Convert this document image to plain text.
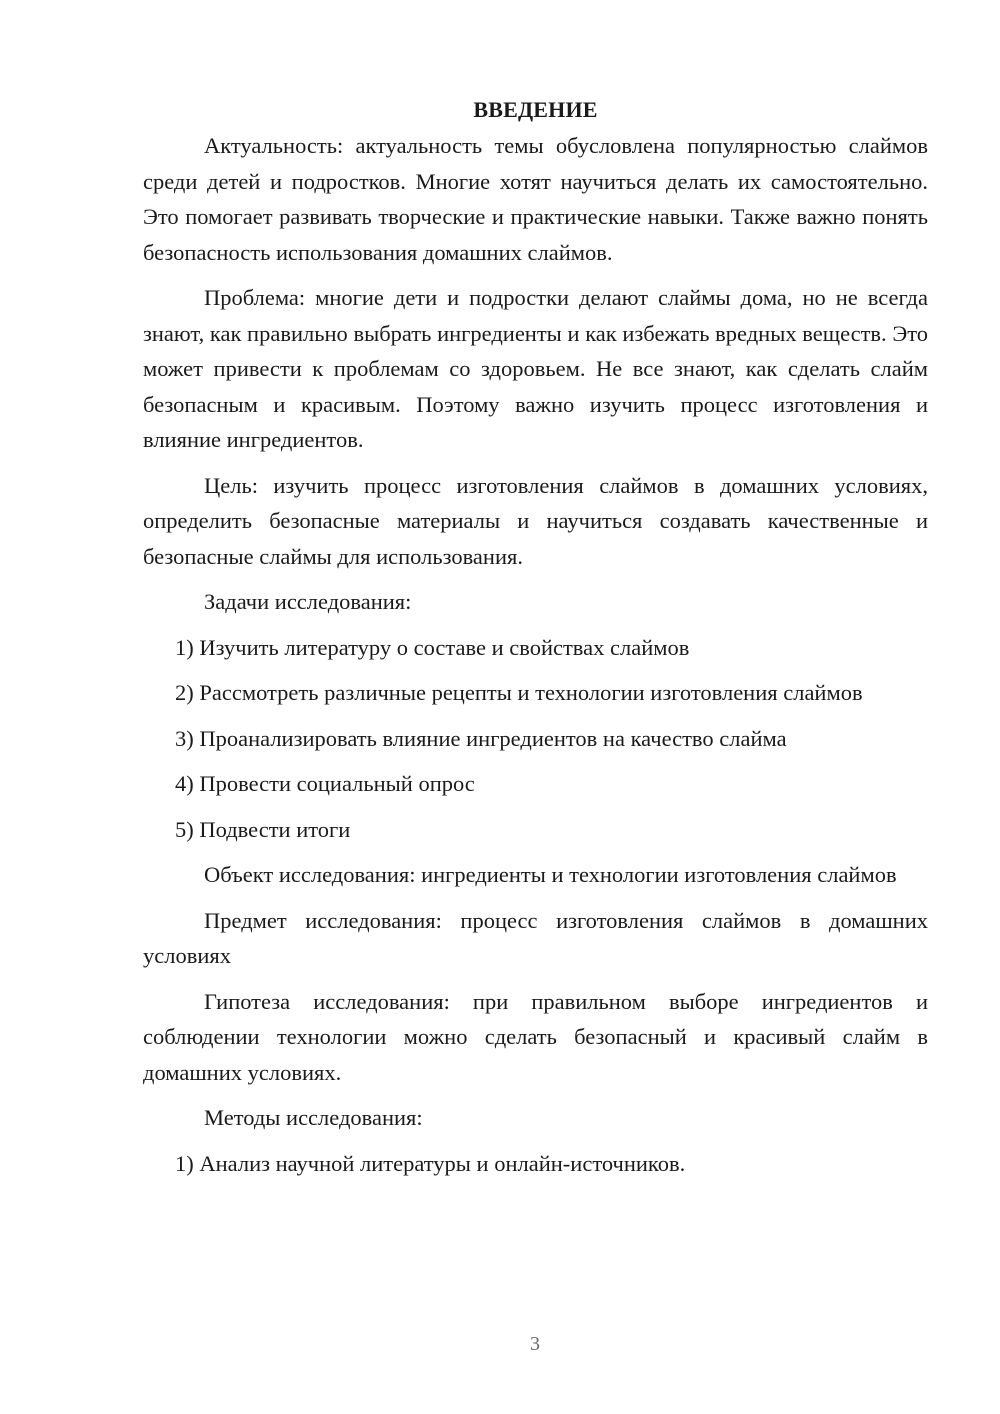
ВВЕДЕНИЕ

Актуальность: актуальность темы обусловлена популярностью слаймов среди детей и подростков. Многие хотят научиться делать их самостоятельно. Это помогает развивать творческие и практические навыки. Также важно понять безопасность использования домашних слаймов.

Проблема: многие дети и подростки делают слаймы дома, но не всегда знают, как правильно выбрать ингредиенты и как избежать вредных веществ. Это может привести к проблемам со здоровьем. Не все знают, как сделать слайм безопасным и красивым. Поэтому важно изучить процесс изготовления и влияние ингредиентов.

Цель: изучить процесс изготовления слаймов в домашних условиях, определить безопасные материалы и научиться создавать качественные и безопасные слаймы для использования.

Задачи исследования:

1) Изучить литературу о составе и свойствах слаймов

2) Рассмотреть различные рецепты и технологии изготовления слаймов

3) Проанализировать влияние ингредиентов на качество слайма

4) Провести социальный опрос

5) Подвести итоги

Объект исследования: ингредиенты и технологии изготовления слаймов

Предмет исследования: процесс изготовления слаймов в домашних условиях

Гипотеза исследования: при правильном выборе ингредиентов и соблюдении технологии можно сделать безопасный и красивый слайм в домашних условиях.

Методы исследования:

1) Анализ научной литературы и онлайн-источников.

3
